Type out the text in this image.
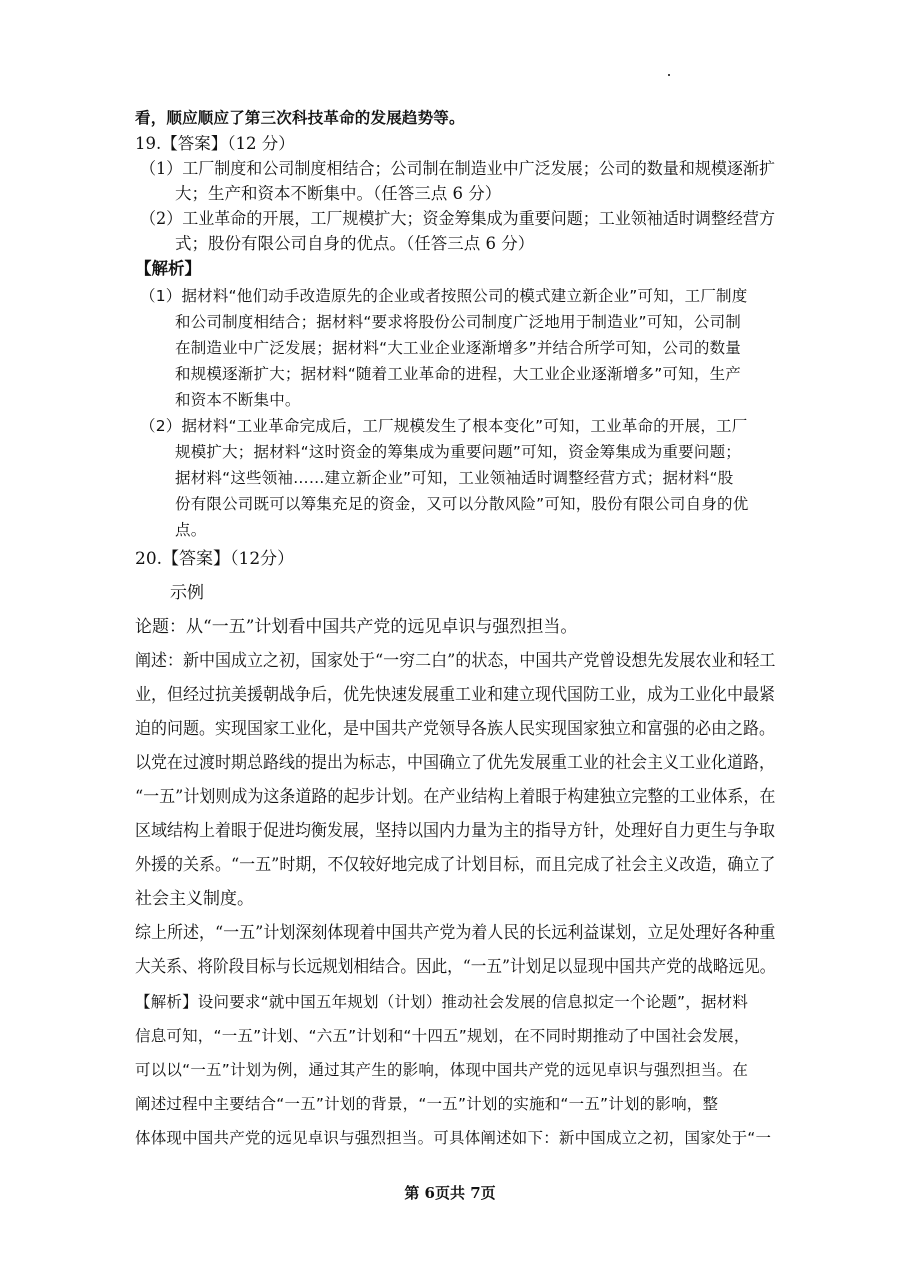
看，顺应顺应了第三次科技革命的发展趋势等。
19.【答案】（12 分）
（1）工厂制度和公司制度相结合；公司制在制造业中广泛发展；公司的数量和规模逐渐扩
大；生产和资本不断集中。（任答三点 6 分）
（2）工业革命的开展，工厂规模扩大；资金筹集成为重要问题；工业领袖适时调整经营方
式；股份有限公司自身的优点。（任答三点 6 分）
【解析】
（1）据材料“他们动手改造原先的企业或者按照公司的模式建立新企业”可知，工厂制度
和公司制度相结合；据材料“要求将股份公司制度广泛地用于制造业”可知，公司制
在制造业中广泛发展；据材料“大工业企业逐渐增多”并结合所学可知，公司的数量
和规模逐渐扩大；据材料“随着工业革命的进程，大工业企业逐渐增多”可知，生产
和资本不断集中。
（2）据材料“工业革命完成后，工厂规模发生了根本变化”可知，工业革命的开展，工厂
规模扩大；据材料“这时资金的筹集成为重要问题”可知，资金筹集成为重要问题；
据材料“这些领袖……建立新企业”可知，工业领袖适时调整经营方式；据材料“股
份有限公司既可以筹集充足的资金，又可以分散风险”可知，股份有限公司自身的优
点。
20.【答案】（12分）
示例
论题：从“一五”计划看中国共产党的远见卓识与强烈担当。
阐述：新中国成立之初，国家处于“一穷二白”的状态，中国共产党曾设想先发展农业和轻工
业，但经过抗美援朝战争后，优先快速发展重工业和建立现代国防工业，成为工业化中最紧
迫的问题。实现国家工业化，是中国共产党领导各族人民实现国家独立和富强的必由之路。
以党在过渡时期总路线的提出为标志，中国确立了优先发展重工业的社会主义工业化道路，
“一五”计划则成为这条道路的起步计划。在产业结构上着眼于构建独立完整的工业体系，在
区域结构上着眼于促进均衡发展，坚持以国内力量为主的指导方针，处理好自力更生与争取
外援的关系。“一五”时期，不仅较好地完成了计划目标，而且完成了社会主义改造，确立了
社会主义制度。
综上所述，“一五”计划深刻体现着中国共产党为着人民的长远利益谋划，立足处理好各种重
大关系、将阶段目标与长远规划相结合。因此，“一五”计划足以显现中国共产党的战略远见。
【解析】设问要求“就中国五年规划（计划）推动社会发展的信息拟定一个论题”，据材料
信息可知，“一五”计划、“六五”计划和“十四五”规划，在不同时期推动了中国社会发展，
可以以“一五”计划为例，通过其产生的影响，体现中国共产党的远见卓识与强烈担当。在
阐述过程中主要结合“一五”计划的背景，“一五”计划的实施和“一五”计划的影响，整
体体现中国共产党的远见卓识与强烈担当。可具体阐述如下：新中国成立之初，国家处于“一
第 6页共 7页
